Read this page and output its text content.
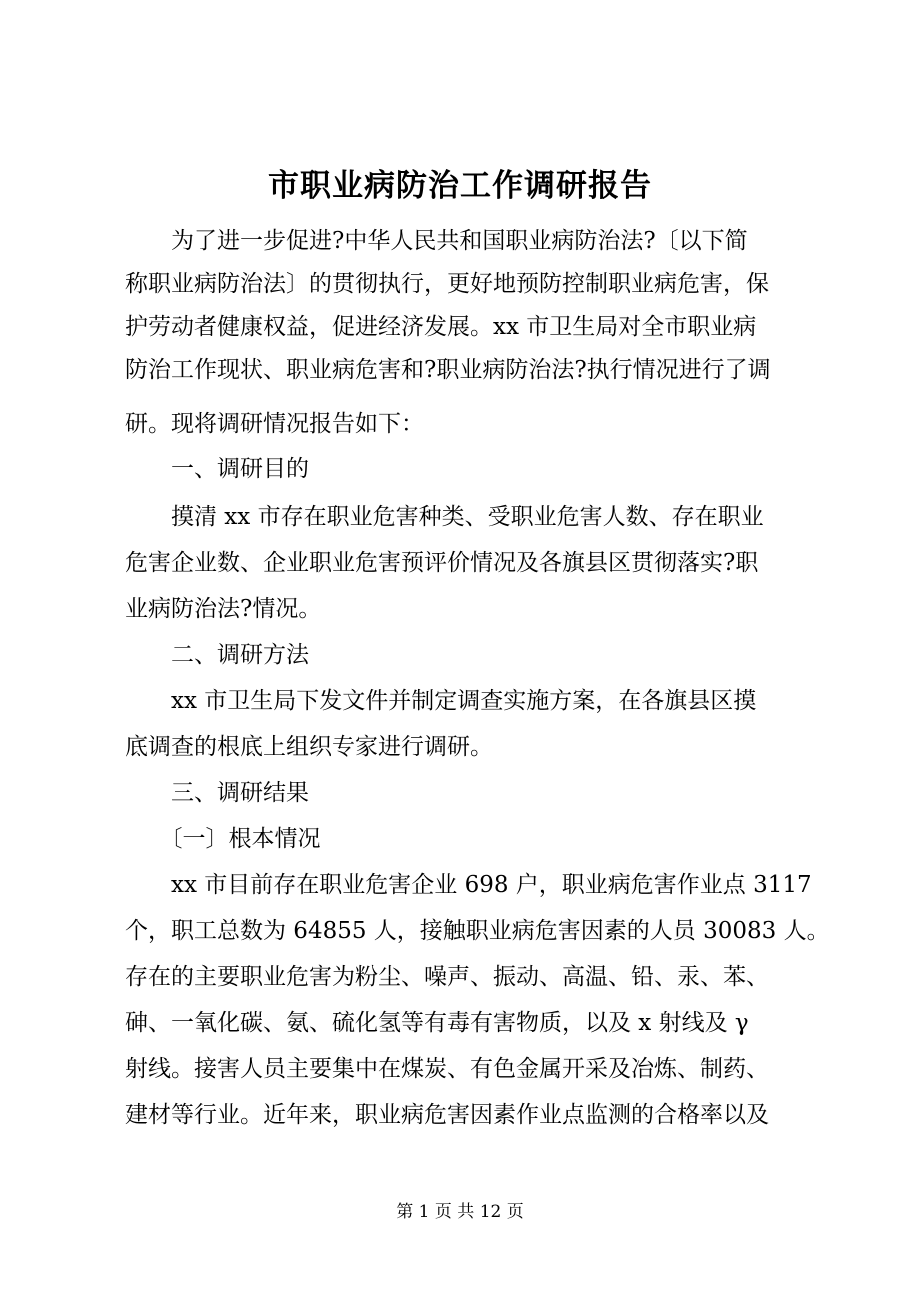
市职业病防治工作调研报告
　　为了进一步促进?中华人民共和国职业病防治法?〔以下简
称职业病防治法〕的贯彻执行，更好地预防控制职业病危害，保
护劳动者健康权益，促进经济发展。xx 市卫生局对全市职业病
防治工作现状、职业病危害和?职业病防治法?执行情况进行了调
研。现将调研情况报告如下：
　　一、调研目的
　　摸清 xx 市存在职业危害种类、受职业危害人数、存在职业
危害企业数、企业职业危害预评价情况及各旗县区贯彻落实?职
业病防治法?情况。
　　二、调研方法
　　xx 市卫生局下发文件并制定调查实施方案，在各旗县区摸
底调查的根底上组织专家进行调研。
　　三、调研结果
　　〔一〕根本情况
　　xx 市目前存在职业危害企业 698 户，职业病危害作业点 3117
个，职工总数为 64855 人，接触职业病危害因素的人员 30083 人。
存在的主要职业危害为粉尘、噪声、振动、高温、铅、汞、苯、
砷、一氧化碳、氨、硫化氢等有毒有害物质，以及 x 射线及 γ
射线。接害人员主要集中在煤炭、有色金属开采及冶炼、制药、
建材等行业。近年来，职业病危害因素作业点监测的合格率以及
第 1 页 共 12 页
